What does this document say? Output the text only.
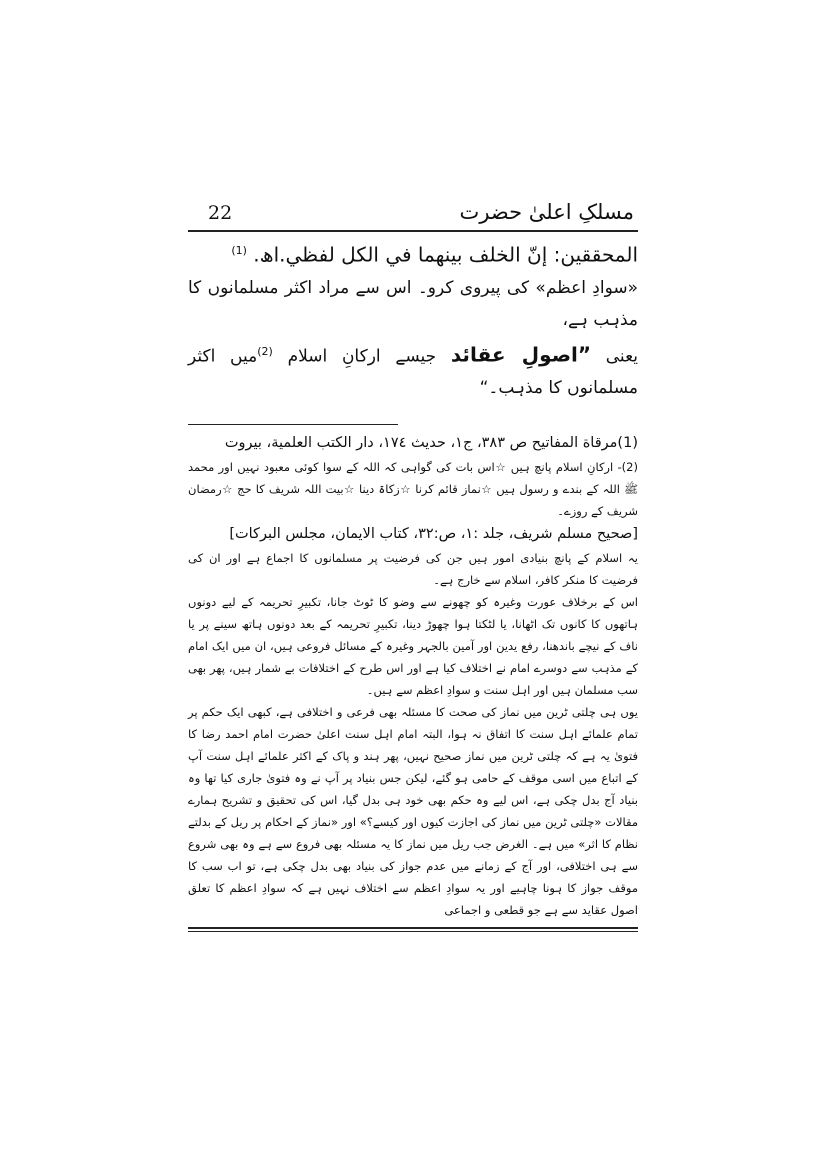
مسلکِ اعلیٰ حضرت
22
المحققين: إنّ الخلف بينهما في الكل لفظي.اھ. $^{(1)}$
«سوادِ اعظم» کی پیروی کرو۔ اس سے مراد اکثر مسلمانوں کا مذہب ہے،
یعنی ”اصولِ عقائد جیسے ارکانِ اسلام $^{(2)}$میں اکثر مسلمانوں کا مذہب۔“
(1)مرقاة المفاتيح ص ٣٨٣، ج١، حديث ١٧٤، دار الكتب العلمية، بيروت
(2)- ارکانِ اسلام پانچ ہیں ☆اس بات کی گواہی کہ اللہ کے سوا کوئی معبود نہیں اور محمد ﷺ اللہ کے بندے و رسول ہیں ☆نماز قائم کرنا ☆زکاۃ دینا ☆بیت اللہ شریف کا حج ☆رمضان شریف کے روزے۔
[صحيح مسلم شريف، جلد :١، ص:٣٢، كتاب الايمان، مجلس البركات]
یہ اسلام کے پانچ بنیادی امور ہیں جن کی فرضیت پر مسلمانوں کا اجماع ہے اور ان کی فرضیت کا منکر کافر، اسلام سے خارج ہے۔
اس کے برخلاف عورت وغیرہ کو چھونے سے وضو کا ٹوٹ جانا، تکبیرِ تحریمہ کے لیے دونوں ہاتھوں کا کانوں تک اٹھانا، یا لٹکتا ہوا چھوڑ دینا، تکبیرِ تحریمہ کے بعد دونوں ہاتھ سینے پر یا ناف کے نیچے باندھنا، رفع یدین اور آمین بالجہر وغیرہ کے مسائل فروعی ہیں، ان میں ایک امام کے مذہب سے دوسرے امام نے اختلاف کیا ہے اور اس طرح کے اختلافات بے شمار ہیں، پھر بھی سب مسلمان ہیں اور اہل سنت و سوادِ اعظم سے ہیں۔
یوں ہی چلتی ٹرین میں نماز کی صحت کا مسئلہ بھی فرعی و اختلافی ہے، کبھی ایک حکم پر تمام علمائے اہل سنت کا اتفاق نہ ہوا، البتہ امام اہل سنت اعلیٰ حضرت امام احمد رضا کا فتویٰ یہ ہے کہ چلتی ٹرین میں نماز صحیح نہیں، پھر ہند و پاک کے اکثر علمائے اہل سنت آپ کے اتباع میں اسی موقف کے حامی ہو گئے، لیکن جس بنیاد پر آپ نے وہ فتویٰ جاری کیا تھا وہ بنیاد آج بدل چکی ہے، اس لیے وہ حکم بھی خود ہی بدل گیا، اس کی تحقیق و تشریح ہمارے مقالات «چلتی ٹرین میں نماز کی اجازت کیوں اور کیسے؟» اور «نماز کے احکام پر ریل کے بدلتے نظام کا اثر» میں ہے۔ الغرض جب ریل میں نماز کا یہ مسئلہ بھی فروع سے ہے وہ بھی شروع سے ہی اختلافی، اور آج کے زمانے میں عدم جواز کی بنیاد بھی بدل چکی ہے، تو اب سب کا موقف جواز کا ہونا چاہیے اور یہ سوادِ اعظم سے اختلاف نہیں ہے کہ سوادِ اعظم کا تعلق اصول عقاید سے ہے جو قطعی و اجماعی
